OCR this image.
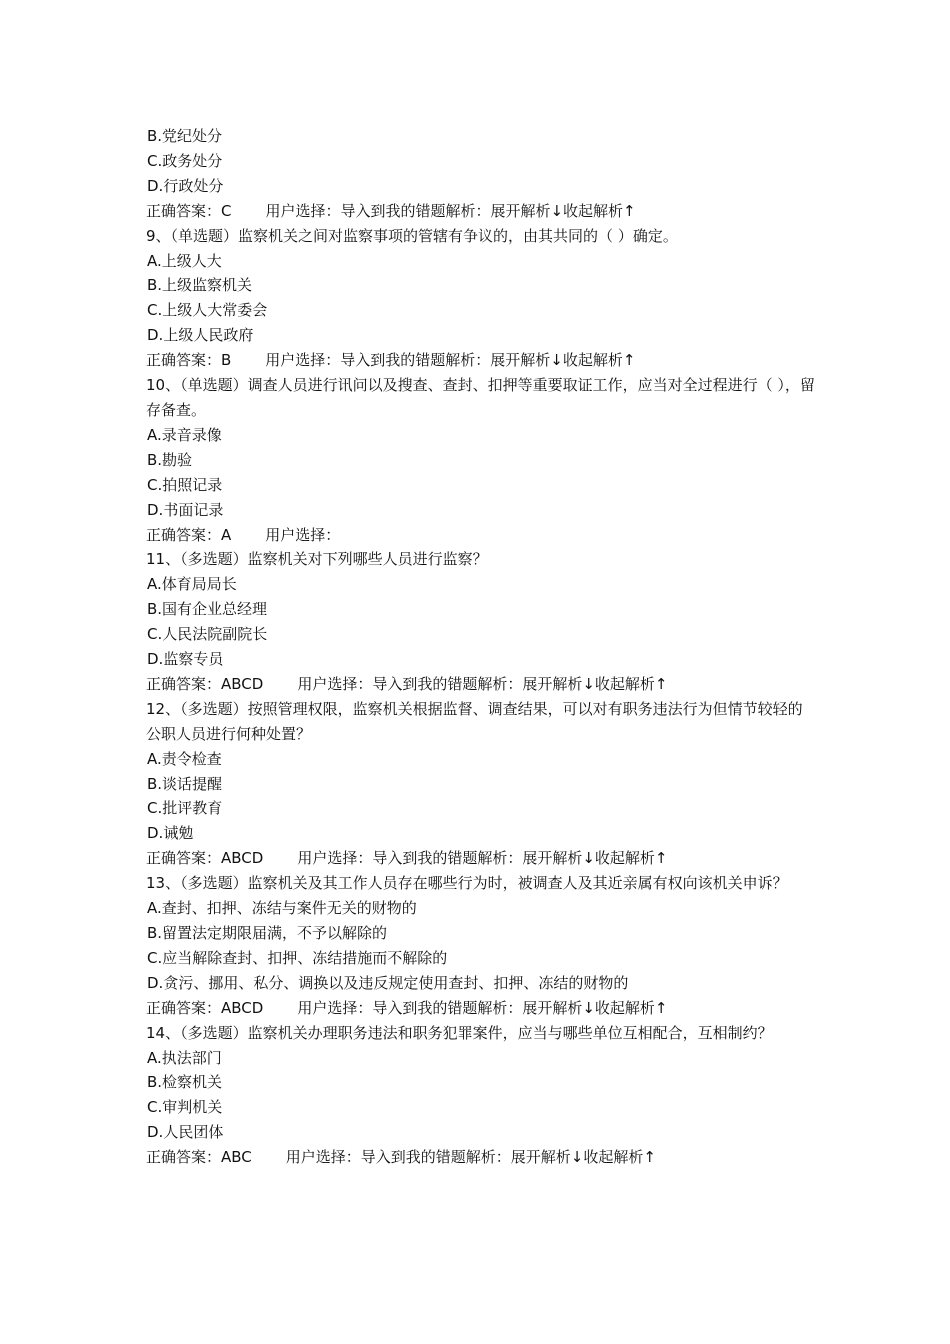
B.党纪处分
C.政务处分
D.行政处分
正确答案：C 用户选择：导入到我的错题解析：展开解析↓收起解析↑
9、（单选题）监察机关之间对监察事项的管辖有争议的，由其共同的（ ）确定。
A.上级人大
B.上级监察机关
C.上级人大常委会
D.上级人民政府
正确答案：B 用户选择：导入到我的错题解析：展开解析↓收起解析↑
10、（单选题）调查人员进行讯问以及搜查、查封、扣押等重要取证工作，应当对全过程进行（ ），留存备查。
A.录音录像
B.勘验
C.拍照记录
D.书面记录
正确答案：A 用户选择：
11、（多选题）监察机关对下列哪些人员进行监察？
A.体育局局长
B.国有企业总经理
C.人民法院副院长
D.监察专员
正确答案：ABCD 用户选择：导入到我的错题解析：展开解析↓收起解析↑
12、（多选题）按照管理权限，监察机关根据监督、调查结果，可以对有职务违法行为但情节较轻的公职人员进行何种处置？
A.责令检查
B.谈话提醒
C.批评教育
D.诫勉
正确答案：ABCD 用户选择：导入到我的错题解析：展开解析↓收起解析↑
13、（多选题）监察机关及其工作人员存在哪些行为时，被调查人及其近亲属有权向该机关申诉？
A.查封、扣押、冻结与案件无关的财物的
B.留置法定期限届满，不予以解除的
C.应当解除查封、扣押、冻结措施而不解除的
D.贪污、挪用、私分、调换以及违反规定使用查封、扣押、冻结的财物的
正确答案：ABCD 用户选择：导入到我的错题解析：展开解析↓收起解析↑
14、（多选题）监察机关办理职务违法和职务犯罪案件，应当与哪些单位互相配合，互相制约？
A.执法部门
B.检察机关
C.审判机关
D.人民团体
正确答案：ABC 用户选择：导入到我的错题解析：展开解析↓收起解析↑
